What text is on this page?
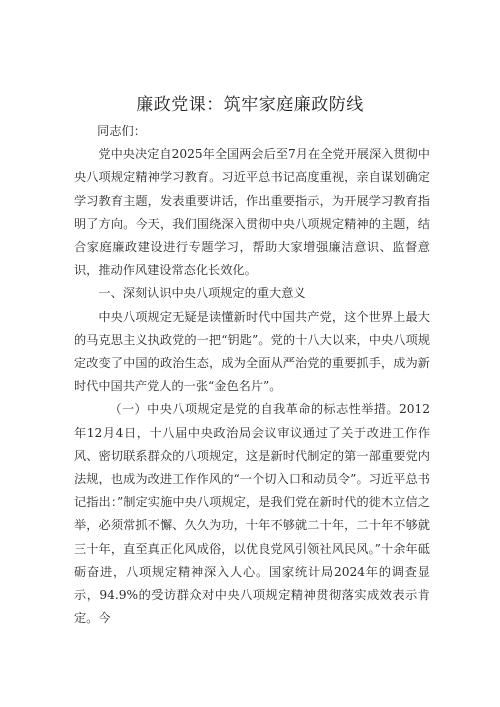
廉政党课：筑牢家庭廉政防线

同志们：

党中央决定自2025年全国两会后至7月在全党开展深入贯彻中央八项规定精神学习教育。习近平总书记高度重视，亲自谋划确定学习教育主题，发表重要讲话，作出重要指示，为开展学习教育指明了方向。今天，我们围绕深入贯彻中央八项规定精神的主题，结合家庭廉政建设进行专题学习，帮助大家增强廉洁意识、监督意识，推动作风建设常态化长效化。

一、深刻认识中央八项规定的重大意义

中央八项规定无疑是读懂新时代中国共产党，这个世界上最大的马克思主义执政党的一把“钥匙”。党的十八大以来，中央八项规定改变了中国的政治生态，成为全面从严治党的重要抓手，成为新时代中国共产党人的一张“金色名片”。

（一）中央八项规定是党的自我革命的标志性举措。2012年12月4日，十八届中央政治局会议审议通过了关于改进工作作风、密切联系群众的八项规定，这是新时代制定的第一部重要党内法规，也成为改进工作作风的“一个切入口和动员令”。习近平总书记指出：”制定实施中央八项规定，是我们党在新时代的徙木立信之举，必须常抓不懈、久久为功，十年不够就二十年，二十年不够就三十年，直至真正化风成俗，以优良党风引领社风民风。”十余年砥砺奋进，八项规定精神深入人心。国家统计局2024年的调查显示，94.9%的受访群众对中央八项规定精神贯彻落实成效表示肯定。今
